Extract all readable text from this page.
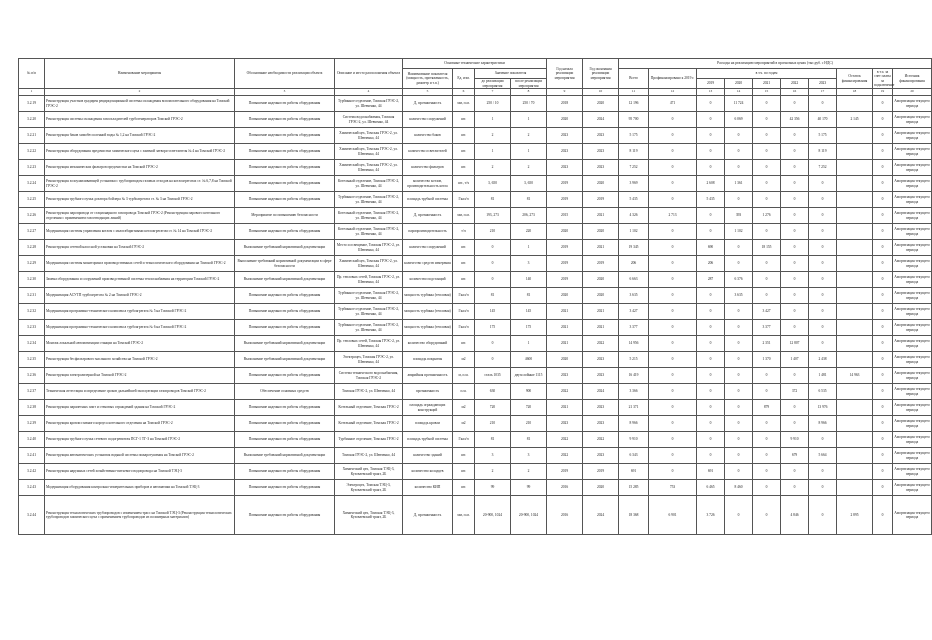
№ п/п	Наименование мероприятия	Обоснование необходимости реализации объекта	Описание и место расположения объекта	Основные технические характеристики				Год начала реализации мероприятия	Год окончания реализации мероприятия	Расходы на реализацию мероприятий в прогнозных ценах (тыс.руб. с НДС)									
				Наименование показателя (мощность, протяженность, диаметр и т.п.)	Ед. изм.	Значение показателя				Всего	Профинансировано к 2019 г.	в т.ч. по годам					Остаток финансирования	в т.ч. за счет платы за подключение	Источник финансирования
						до реализации мероприятия	после реализации мероприятия					2019	2020	2021	2022	2023			
1	2	3	4	5	6	7	8	9	10	11	12	13	14	15	16	17	18	19	20
3.2.19	Реконструкция участков градирен рециркуляционной системы охлаждения вспомогательного оборудования на Томской ГРЭС-2	Повышение надежности работы оборудования	Турбинное отделение, Томская ГРЭС-2, ул. Шевченко, 44	Д, протяженность	мм, п.м.	250 / 10	250 / 70	2018	2020	12 196	471	0	11 724	0	0	0		0	Амортизация текущего периода
3.2.20	Реконструкция системы охлаждения газоохладителей турбогенераторов Томской ГРЭС-2	Повышение надежности работы оборудования	Система водоснабжения, Томская ГРЭС-2, ул. Шевченко, 44	количество сооружений	шт.	1	1	2020	2024	95 700	0	0	6 069	0	42 356	40 170	2 145	0	Амортизация текущего периода
3.2.21	Реконструкция баков химобессоленной воды № 1,2 на Томской ГРЭС-2	Повышение надежности работы оборудования	Химический цех, Томская ГРЭС-2, ул. Шевченко, 44	количество баков	шт.	2	2	2023	2023	5 175	0	0	0	0	0	5 175		0	Амортизация текущего периода
3.2.22	Реконструкция оборудования предочистки химического цеха с заменой затвора-осветлителя № 4 на Томской ГРЭС-2	Повышение надежности работы оборудования	Химический цех, Томская ГРЭС-2, ул. Шевченко, 44	количество осветлителей	шт.	1	1	2023	2023	8 119	0	0	0	0	0	8 119		0	Амортизация текущего периода
3.2.23	Реконструкция механических фильтров предочистки на Томской ГРЭС-2	Повышение надежности работы оборудования	Химический цех, Томская ГРЭС-2, ул. Шевченко, 44	количество фильтров	шт.	2	2	2023	2023	7 252	0	0	0	0	0	7 252		0	Амортизация текущего периода
3.2.24	Реконструкция золоулавливающей установки с трубопроводом газовых отходов на котлоагрегатах ст. № 6,7,8 на Томской ГРЭС-2	Повышение надежности работы оборудования	Котельный отделение, Томская ГРЭС-2, ул. Шевченко, 44	количество котлов, производительность котла	шт., т/ч	3, 650	3, 650	2019	2020	3 969	0	2 608	1 361	0	0	0		0	Амортизация текущего периода
3.2.25	Реконструкция трубного пучка дозатора бойлера № 3 турбоагрегата ст. № 3 на Томской ГРЭС-2	Повышение надежности работы оборудования	Турбинное отделение, Томская ГРЭС-2, ул. Шевченко, 44	площадь трубной системы	Гкал/ч	81	81	2019	2019	5 435	0	5 435	0	0	0	0		0	Амортизация текущего периода
3.2.26	Реконструкция паропровода от стационарного газопровода Томской ГРЭС-2 (Реконструкция парового котельного отделения с применением газоотводящих линий)	Мероприятие по повышению безопасности	Котельный отделение, Томская ГРЭС-2, ул. Шевченко, 44	Д, протяженность	мм, п.м.	193, 273	206, 273	2015	2021	4 326	2 713	0	393	1 276	0	0		0	Амортизация текущего периода
3.2.27	Модернизация системы управления котлом с малогабаритными котлоагрегатом ст. № 14 на Томской ГРЭС-2	Повышение надежности работы оборудования	Котельный отделение, Томская ГРЭС-2, ул. Шевченко, 44	паропроизводительность	т/ч	210	220	2020	2020	1 102	0	0	1 102	0	0	0		0	Амортизация текущего периода
3.2.28	Реконструкция сетевой насосной установки на Томской ГРЭС-2	Выполнение требований нормативной документации	Место и освещение, Томская ГРЭС-2, ул. Шевченко, 44	количество сооружений	шт.	0	1	2019	2021	19 345	0	690	0	18 155	0	0		0	Амортизация текущего периода
3.2.29	Модернизация системы мониторинга производственных сетей и технологического оборудования на Томской ГРЭС-2	Выполнение требований нормативной документации в сфере безопасности	Химический цех, Томская ГРЭС-2, ул. Шевченко, 44	количество средств измерения	шт.	0	3	2019	2019	206	0	206	0	0	0	0		0	Амортизация текущего периода
3.2.30	Замена оборудования и сооружений производственной системы теплоснабжения на территории Томской ГРЭС-2	Выполнение требований нормативной документации	Пр. тепловых сетей, Томская ГРЭС-2, ул. Шевченко, 44	количество подстанций	шт.	0	140	2019	2020	6 663	0	287	6 376	0	0	0		0	Амортизация текущего периода
3.2.31	Модернизация АСУТП турбоагрегата № 2 на Томской ГРЭС-2	Повышение надежности работы оборудования	Турбинное отделение, Томская ГРЭС-2, ул. Шевченко, 44	мощность турбины (тепловая)	Гкал/ч	81	81	2020	2020	3 635	0	0	3 635	0	0	0		0	Амортизация текущего периода
3.2.32	Модернизация программно-технического комплекса турбоагрегата № 5 на Томской ГРЭС-2	Повышение надежности работы оборудования	Турбинное отделение, Томская ГРЭС-2, ул. Шевченко, 44	мощность турбины (тепловая)	Гкал/ч	145	145	2021	2021	3 427	0	0	0	3 427	0	0		0	Амортизация текущего периода
3.2.33	Модернизация программно-технического комплекса турбоагрегата № 6 на Томской ГРЭС-2	Повышение надежности работы оборудования	Турбинное отделение, Томская ГРЭС-2, ул. Шевченко, 44	мощность турбины (тепловая)	Гкал/ч	175	175	2021	2021	3 377	0	0	0	3 377	0	0		0	Амортизация текущего периода
3.2.34	Монтаж локальной автоматизации станции на Томской ГРЭС-2	Выполнение требований нормативной документации	Пр. тепловых сетей, Томская ГРЭС-2, ул. Шевченко, 44	количество оборудований	шт.	0	1	2021	2022	14 956	0	0	0	2 351	12 807	0		0	Амортизация текущего периода
3.2.35	Реконструкция бесфильтрового масляного хозяйства на Томской ГРЭС-2	Выполнение требований нормативной документации	Электроцех, Томская ГРЭС-2, ул. Шевченко, 44	площадь покрытия	м2	0	4600	2020	2023	5 215	0	0	0	1 370	1 407	2 438		0	Амортизация текущего периода
3.2.36	Реконструкция электролизерной на Томской ГРЭС-2	Повышение надежности работы оборудования	Система технического водоснабжения, Томская ГРЭС-2	аварийная протяженность	м, п.м.	сталь 1035	двухслойные 1115	2023	2023	16 419	0	0	0	0	0	1 481	14 963	0	Амортизация текущего периода
3.2.37	Техническая аттестация и определение сроков дальнейшей эксплуатации газопроводов Томской ГРЭС-2	Обеспечение основных средств	Томская ГРЭС-2, ул. Шевченко, 44	протяженность	п.м.	630	900	2022	2024	3 366	0	0	0	0	372	6 535		0	Амортизация текущего периода
3.2.38	Реконструкция парапетных плит и стеновых ограждений здания на Томской ГРЭС-2	Повышение надежности работы оборудования	Котельный отделение, Томская ГРЭС-2	площадь ограждающих конструкций	м2	720	720	2021	2023	21 371	0	0	0	879	0	13 976		0	Амортизация текущего периода
3.2.39	Реконструкция кровли главного корпуса котельного отделения на Томской ГРЭС-2	Повышение надежности работы оборудования	Котельный отделение, Томская ГРЭС-2	площадь кровли	м2	210	210	2023	2023	8 966	0	0	0	0	0	8 966		0	Амортизация текущего периода
3.2.40	Реконструкция трубного пучка сетевого подогревателя ПСГ-1 ТГ-3 на Томской ГРЭС-2	Повышение надежности работы оборудования	Турбинное отделение, Томская ГРЭС-2	площадь трубной системы	Гкал/ч	81	81	2022	2022	9 910	0	0	0	0	9 910	0		0	Амортизация текущего периода
3.2.41	Реконструкция автоматических установок водяной системы пожаротушения на Томской ГРЭС-2	Выполнение требований нормативной документации	Томская ГРЭС-2, ул. Шевченко, 44	количество зданий	шт.	3	3	2022	2023	6 343	0	0	0	0	679	5 664		0	Амортизация текущего периода
3.2.42	Реконструкция наружных сетей хозяйственно-питьевого водопровода на Томской ТЭЦ-3	Повышение надежности работы оборудования	Химический цех, Томская ТЭЦ-3, Кузовлевский тракт, 2Б	количество колодцев	шт.	2	2	2019	2019	691	0	691	0	0	0	0		0	Амортизация текущего периода
3.2.43	Модернизация оборудования контрольно-измерительных приборов и автоматики на Томской ТЭЦ-3	Повышение надежности работы оборудования	Электроцех, Томская ТЭЦ-3, Кузовлевский тракт, 2Б	количество КИП	шт.	99	99	2016	2020	15 285	753	6 465	8 460	0	0	0		0	Амортизация текущего периода
3.2.44	Реконструкция технологических трубопроводов с изменением трасс на Томской ТЭЦ-3 (Реконструкция технологических трубопроводов химического цеха с применением трубопроводов из полимерных материалов)	Повышение надежности работы оборудования	Химический цех, Томская ТЭЦ-3, Кузовлевский тракт, 2Б	Д, протяженность	мм, п.м.	20-900, 1024	20-900, 1024	2016	2024	18 368	6 901	3 726	0	0	4 846	0	2 895	0	Амортизация текущего периода
